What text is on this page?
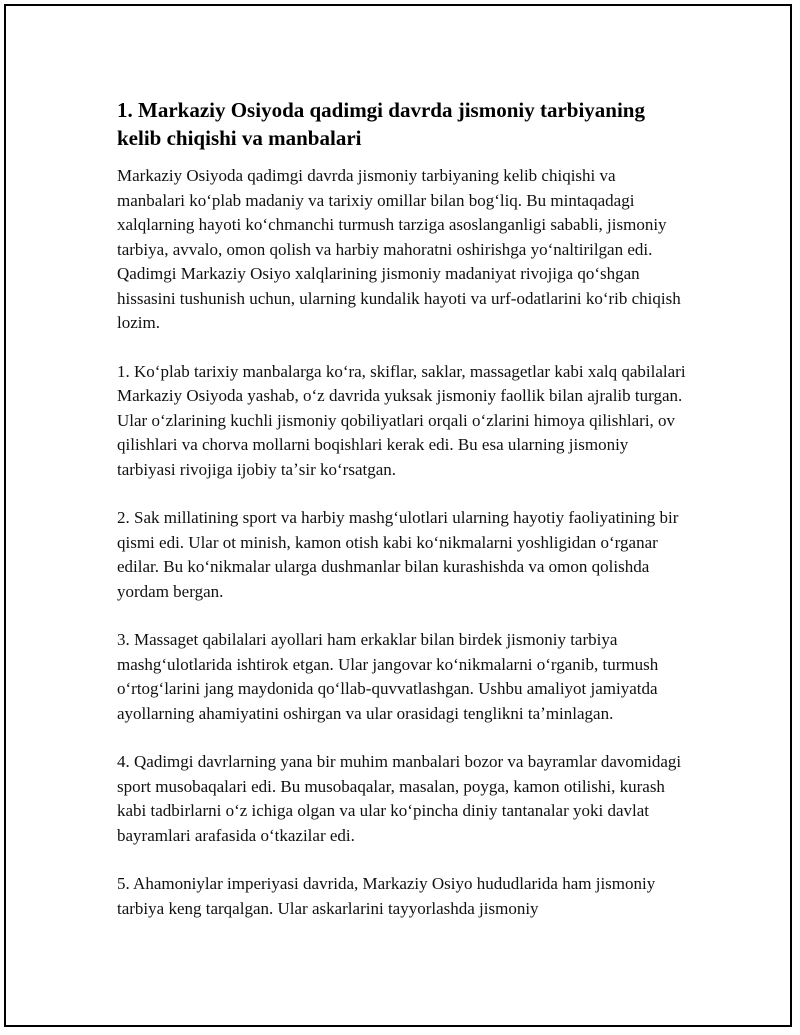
1. Markaziy Osiyoda qadimgi davrda jismoniy tarbiyaning kelib chiqishi va manbalari

Markaziy Osiyoda qadimgi davrda jismoniy tarbiyaning kelib chiqishi va manbalari koʻplab madaniy va tarixiy omillar bilan bogʻliq. Bu mintaqadagi xalqlarning hayoti koʻchmanchi turmush tarziga asoslanganligi sababli, jismoniy tarbiya, avvalo, omon qolish va harbiy mahoratni oshirishga yoʻnaltirilgan edi. Qadimgi Markaziy Osiyo xalqlarining jismoniy madaniyat rivojiga qoʻshgan hissasini tushunish uchun, ularning kundalik hayoti va urf-odatlarini koʻrib chiqish lozim.

1. Koʻplab tarixiy manbalarga koʻra, skiflar, saklar, massagetlar kabi xalq qabilalari Markaziy Osiyoda yashab, oʻz davrida yuksak jismoniy faollik bilan ajralib turgan. Ular oʻzlarining kuchli jismoniy qobiliyatlari orqali oʻzlarini himoya qilishlari, ov qilishlari va chorva mollarni boqishlari kerak edi. Bu esa ularning jismoniy tarbiyasi rivojiga ijobiy taʼsir koʻrsatgan.

2. Sak millatining sport va harbiy mashgʻulotlari ularning hayotiy faoliyatining bir qismi edi. Ular ot minish, kamon otish kabi koʻnikmalarni yoshligidan oʻrganar edilar. Bu koʻnikmalar ularga dushmanlar bilan kurashishda va omon qolishda yordam bergan.

3. Massaget qabilalari ayollari ham erkaklar bilan birdek jismoniy tarbiya mashgʻulotlarida ishtirok etgan. Ular jangovar koʻnikmalarni oʻrganib, turmush oʻrtogʻlarini jang maydonida qoʻllab-quvvatlashgan. Ushbu amaliyot jamiyatda ayollarning ahamiyatini oshirgan va ular orasidagi tenglikni taʼminlagan.

4. Qadimgi davrlarning yana bir muhim manbalari bozor va bayramlar davomidagi sport musobaqalari edi. Bu musobaqalar, masalan, poyga, kamon otilishi, kurash kabi tadbirlarni oʻz ichiga olgan va ular koʻpincha diniy tantanalar yoki davlat bayramlari arafasida oʻtkazilar edi.

5. Ahamoniylar imperiyasi davrida, Markaziy Osiyo hududlarida ham jismoniy tarbiya keng tarqalgan. Ular askarlarini tayyorlashda jismoniy
